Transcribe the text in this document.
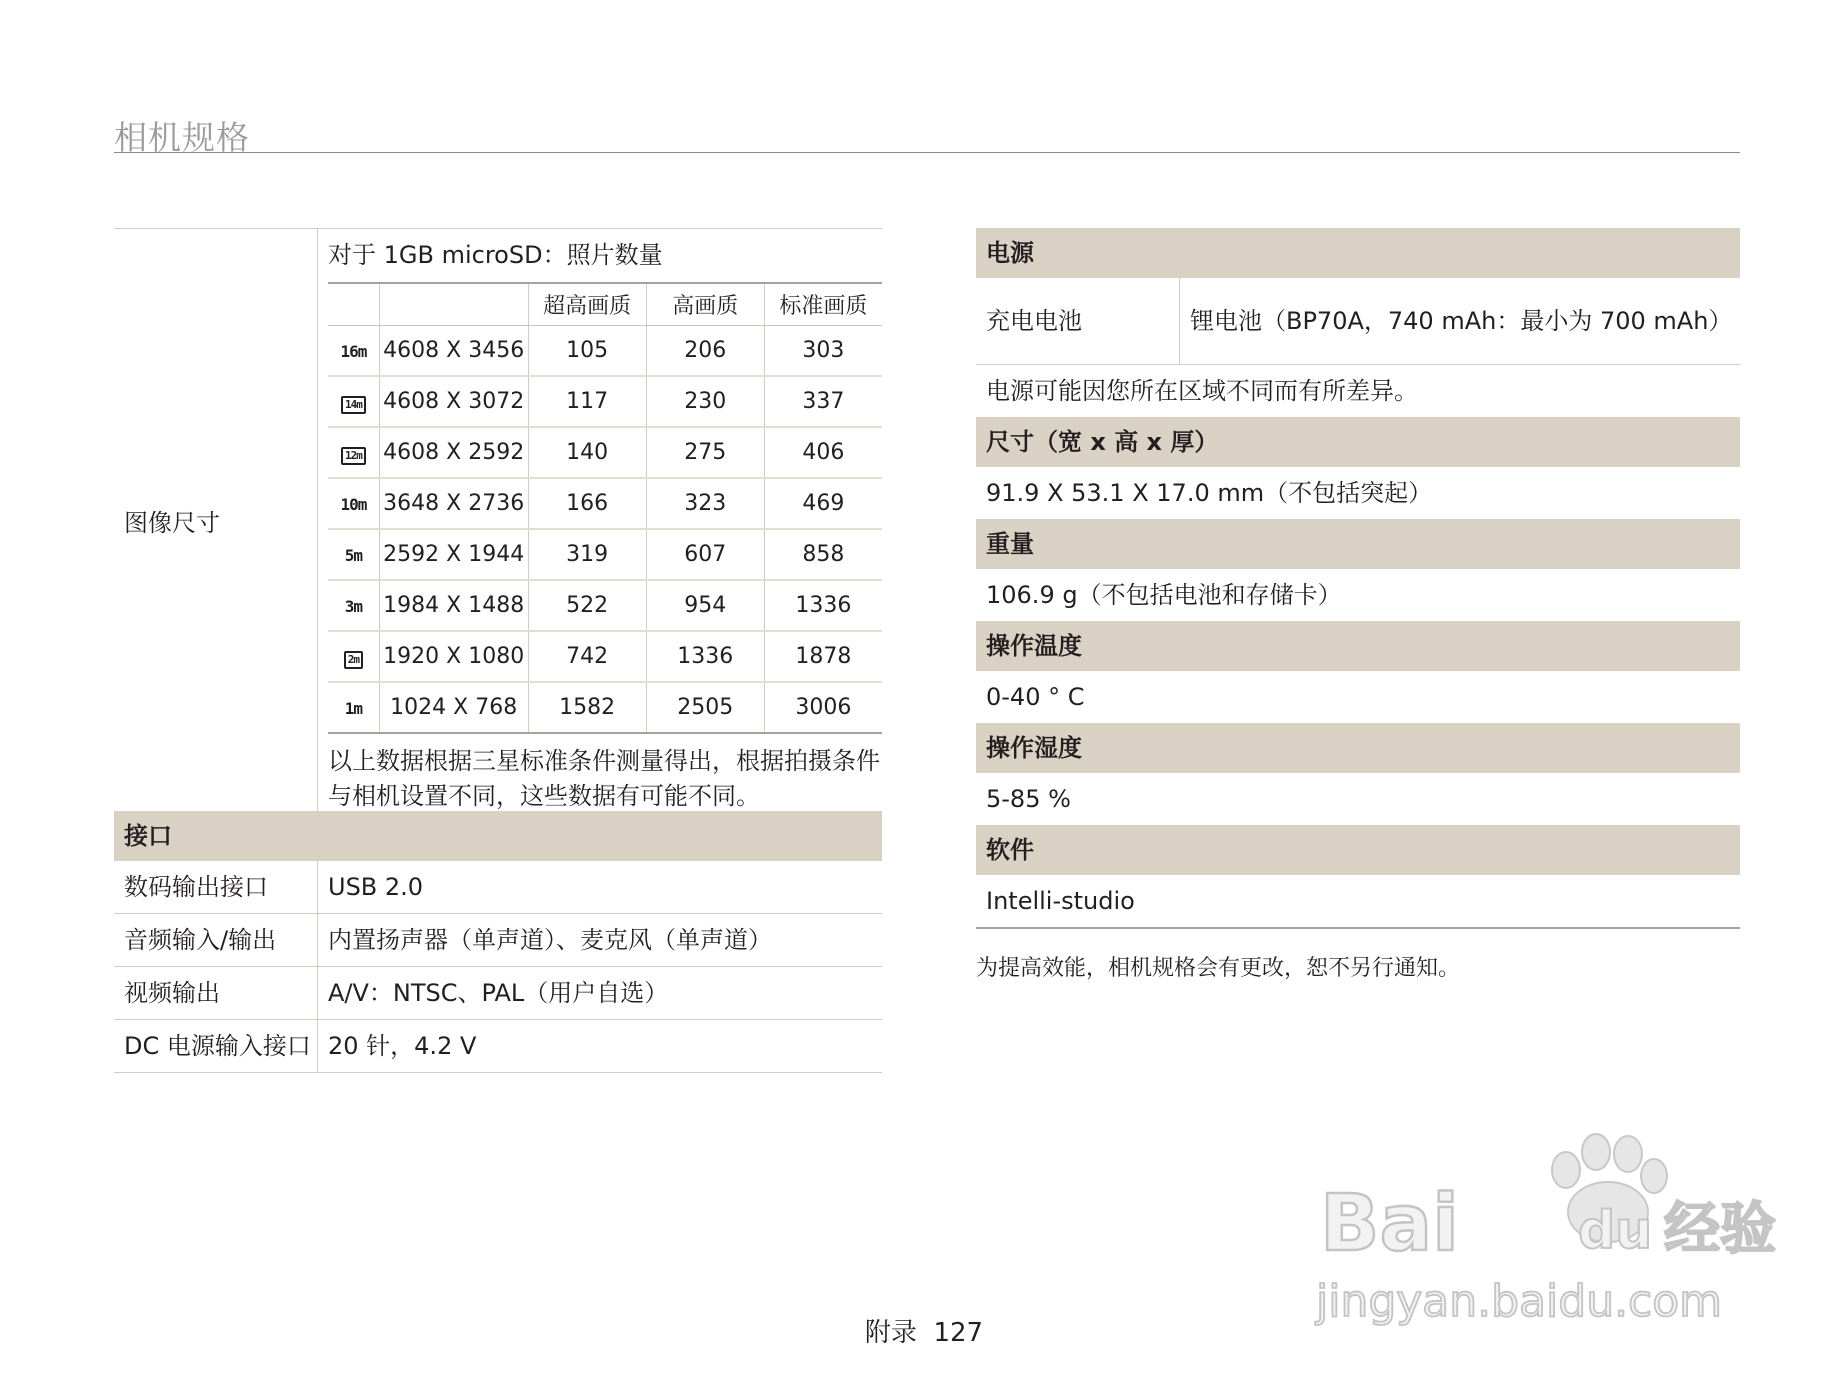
相机规格
图像尺寸
对于 1GB microSD：照片数量
		超高画质	高画质	标准画质
16m	4608 X 3456	105	206	303
14m	4608 X 3072	117	230	337
12m	4608 X 2592	140	275	406
10m	3648 X 2736	166	323	469
5m	2592 X 1944	319	607	858
3m	1984 X 1488	522	954	1336
2m	1920 X 1080	742	1336	1878
1m	1024 X 768	1582	2505	3006
以上数据根据三星标准条件测量得出，根据拍摄条件与相机设置不同，这些数据有可能不同。
接口
数码输出接口	USB 2.0
音频输入/输出	内置扬声器（单声道）、麦克风（单声道）
视频输出	A/V：NTSC、PAL（用户自选）
DC 电源输入接口 20 针，4.2 V
电源
充电电池	锂电池（BP70A，740 mAh：最小为 700 mAh）
电源可能因您所在区域不同而有所差异。
尺寸（宽 x 高 x 厚）
91.9 X 53.1 X 17.0 mm（不包括突起）
重量
106.9 g（不包括电池和存储卡）
操作温度
0-40 ° C
操作湿度
5-85 %
软件
Intelli-studio
为提高效能，相机规格会有更改，恕不另行通知。
附录 127
Bai du 经验
jingyan.baidu.com
